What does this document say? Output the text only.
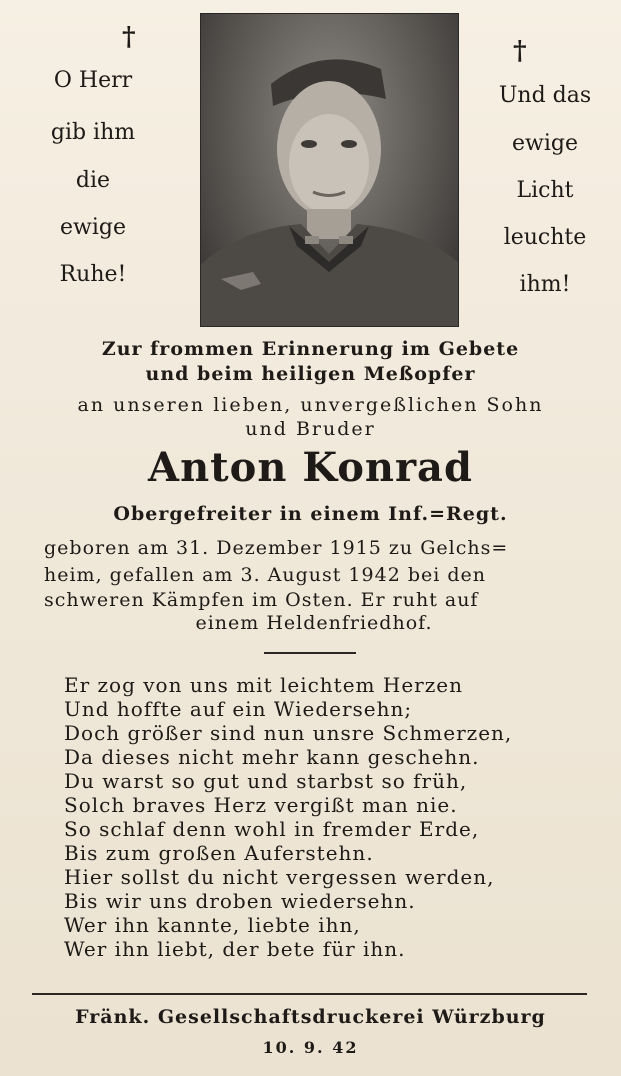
†	†
O Herr
gib ihm
die
ewige
Ruhe!
Und das
ewige
Licht
leuchte
ihm!
Zur frommen Erinnerung im Gebete
und beim heiligen Meßopfer
an unseren lieben, unvergeßlichen Sohn
und Bruder
Anton Konrad
Obergefreiter in einem Inf.=Regt.
geboren am 31. Dezember 1915 zu Gelchs=
heim, gefallen am 3. August 1942 bei den
schweren Kämpfen im Osten. Er ruht auf
einem Heldenfriedhof.
Er zog von uns mit leichtem Herzen
Und hoffte auf ein Wiedersehn;
Doch größer sind nun unsre Schmerzen,
Da dieses nicht mehr kann geschehn.
Du warst so gut und starbst so früh,
Solch braves Herz vergißt man nie.
So schlaf denn wohl in fremder Erde,
Bis zum großen Auferstehn.
Hier sollst du nicht vergessen werden,
Bis wir uns droben wiedersehn.
Wer ihn kannte, liebte ihn,
Wer ihn liebt, der bete für ihn.
Fränk. Gesellschaftsdruckerei Würzburg
10. 9. 42
